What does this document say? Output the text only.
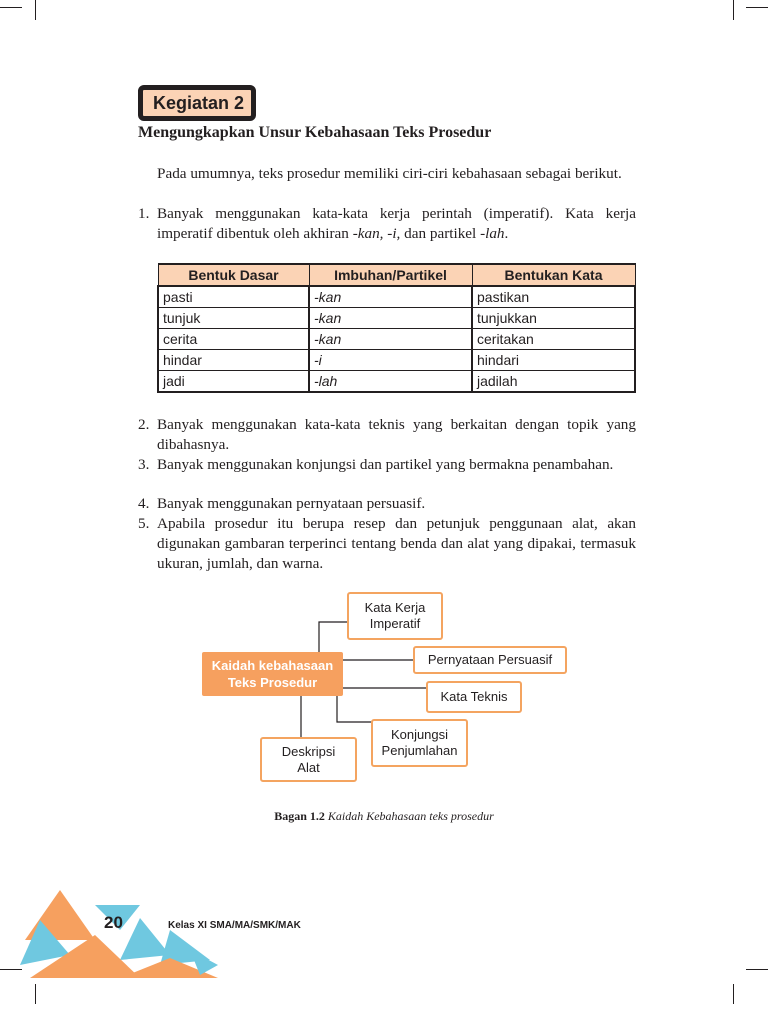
Kegiatan 2
Mengungkapkan Unsur Kebahasaan Teks Prosedur
Pada umumnya, teks prosedur memiliki ciri-ciri kebahasaan sebagai berikut.
1. Banyak menggunakan kata-kata kerja perintah (imperatif). Kata kerja imperatif dibentuk oleh akhiran -kan, -i, dan partikel -lah.
Bentuk Dasar	Imbuhan/Partikel	Bentukan Kata
pasti	-kan	pastikan
tunjuk	-kan	tunjukkan
cerita	-kan	ceritakan
hindar	-i	hindari
jadi	-lah	jadilah
2. Banyak menggunakan kata-kata teknis yang berkaitan dengan topik yang dibahasnya.
3. Banyak menggunakan konjungsi dan partikel yang bermakna penambahan.
4. Banyak menggunakan pernyataan persuasif.
5. Apabila prosedur itu berupa resep dan petunjuk penggunaan alat, akan digunakan gambaran terperinci tentang benda dan alat yang dipakai, termasuk ukuran, jumlah, dan warna.
Kaidah kebahasaan
Teks Prosedur
Kata Kerja
Imperatif
Pernyataan Persuasif
Kata Teknis
Konjungsi
Penjumlahan
Deskripsi
Alat
Bagan 1.2 Kaidah Kebahasaan teks prosedur
20	Kelas XI SMA/MA/SMK/MAK
